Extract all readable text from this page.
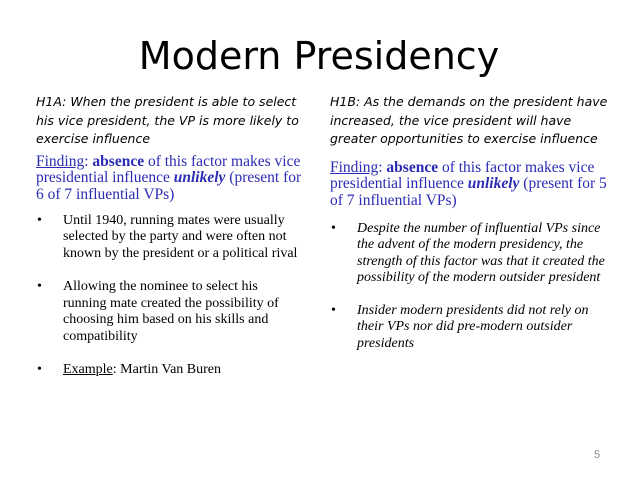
Modern Presidency

H1A: When the president is able to select his vice president, the VP is more likely to exercise influence

Finding: absence of this factor makes vice presidential influence unlikely (present for 6 of 7 influential VPs)

• Until 1940, running mates were usually selected by the party and were often not known by the president or a political rival
• Allowing the nominee to select his running mate created the possibility of choosing him based on his skills and compatibility
• Example: Martin Van Buren

H1B: As the demands on the president have increased, the vice president will have greater opportunities to exercise influence

Finding: absence of this factor makes vice presidential influence unlikely (present for 5 of 7 influential VPs)

• Despite the number of influential VPs since the advent of the modern presidency, the strength of this factor was that it created the possibility of the modern outsider president
• Insider modern presidents did not rely on their VPs nor did pre-modern outsider presidents
5
